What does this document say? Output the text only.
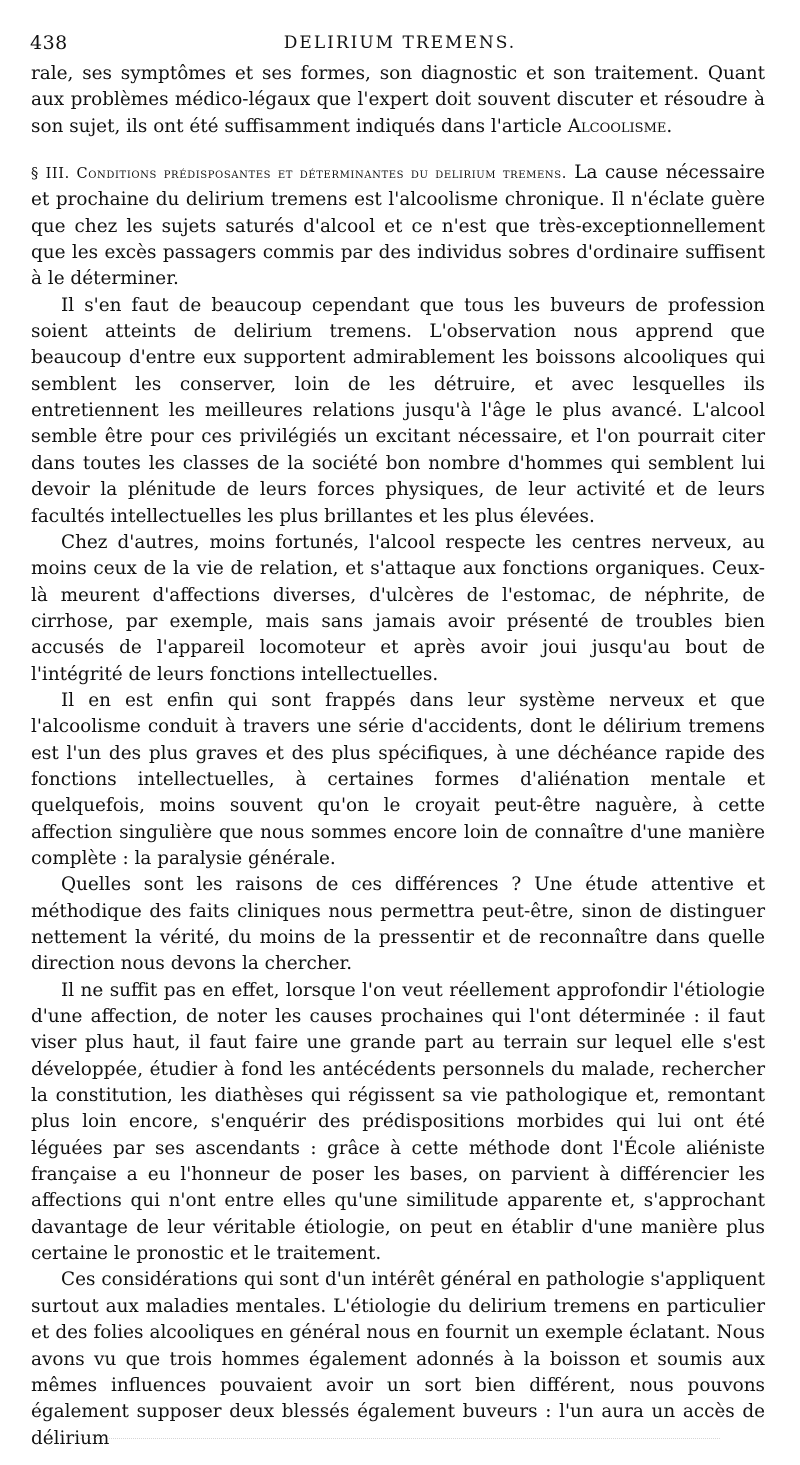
438	DELIRIUM TREMENS.

rale, ses symptômes et ses formes, son diagnostic et son traitement. Quant aux problèmes médico-légaux que l'expert doit souvent discuter et résoudre à son sujet, ils ont été suffisamment indiqués dans l'article Alcoolisme.

§ III. Conditions prédisposantes et déterminantes du delirium tremens. La cause nécessaire et prochaine du delirium tremens est l'alcoolisme chronique. Il n'éclate guère que chez les sujets saturés d'alcool et ce n'est que très-exceptionnellement que les excès passagers commis par des individus sobres d'ordinaire suffisent à le déterminer.

Il s'en faut de beaucoup cependant que tous les buveurs de profession soient atteints de delirium tremens. L'observation nous apprend que beaucoup d'entre eux supportent admirablement les boissons alcooliques qui semblent les conserver, loin de les détruire, et avec lesquelles ils entretiennent les meilleures relations jusqu'à l'âge le plus avancé. L'alcool semble être pour ces privilégiés un excitant nécessaire, et l'on pourrait citer dans toutes les classes de la société bon nombre d'hommes qui semblent lui devoir la plénitude de leurs forces physiques, de leur activité et de leurs facultés intellectuelles les plus brillantes et les plus élevées.

Chez d'autres, moins fortunés, l'alcool respecte les centres nerveux, au moins ceux de la vie de relation, et s'attaque aux fonctions organiques. Ceux-là meurent d'affections diverses, d'ulcères de l'estomac, de néphrite, de cirrhose, par exemple, mais sans jamais avoir présenté de troubles bien accusés de l'appareil locomoteur et après avoir joui jusqu'au bout de l'intégrité de leurs fonctions intellectuelles.

Il en est enfin qui sont frappés dans leur système nerveux et que l'alcoolisme conduit à travers une série d'accidents, dont le délirium tremens est l'un des plus graves et des plus spécifiques, à une déchéance rapide des fonctions intellectuelles, à certaines formes d'aliénation mentale et quelquefois, moins souvent qu'on le croyait peut-être naguère, à cette affection singulière que nous sommes encore loin de connaître d'une manière complète : la paralysie générale.

Quelles sont les raisons de ces différences ? Une étude attentive et méthodique des faits cliniques nous permettra peut-être, sinon de distinguer nettement la vérité, du moins de la pressentir et de reconnaître dans quelle direction nous devons la chercher.

Il ne suffit pas en effet, lorsque l'on veut réellement approfondir l'étiologie d'une affection, de noter les causes prochaines qui l'ont déterminée : il faut viser plus haut, il faut faire une grande part au terrain sur lequel elle s'est développée, étudier à fond les antécédents personnels du malade, rechercher la constitution, les diathèses qui régissent sa vie pathologique et, remontant plus loin encore, s'enquérir des prédispositions morbides qui lui ont été léguées par ses ascendants : grâce à cette méthode dont l'École aliéniste française a eu l'honneur de poser les bases, on parvient à différencier les affections qui n'ont entre elles qu'une similitude apparente et, s'approchant davantage de leur véritable étiologie, on peut en établir d'une manière plus certaine le pronostic et le traitement.

Ces considérations qui sont d'un intérêt général en pathologie s'appliquent surtout aux maladies mentales. L'étiologie du delirium tremens en particulier et des folies alcooliques en général nous en fournit un exemple éclatant. Nous avons vu que trois hommes également adonnés à la boisson et soumis aux mêmes influences pouvaient avoir un sort bien différent, nous pouvons également supposer deux blessés également buveurs : l'un aura un accès de délirium
